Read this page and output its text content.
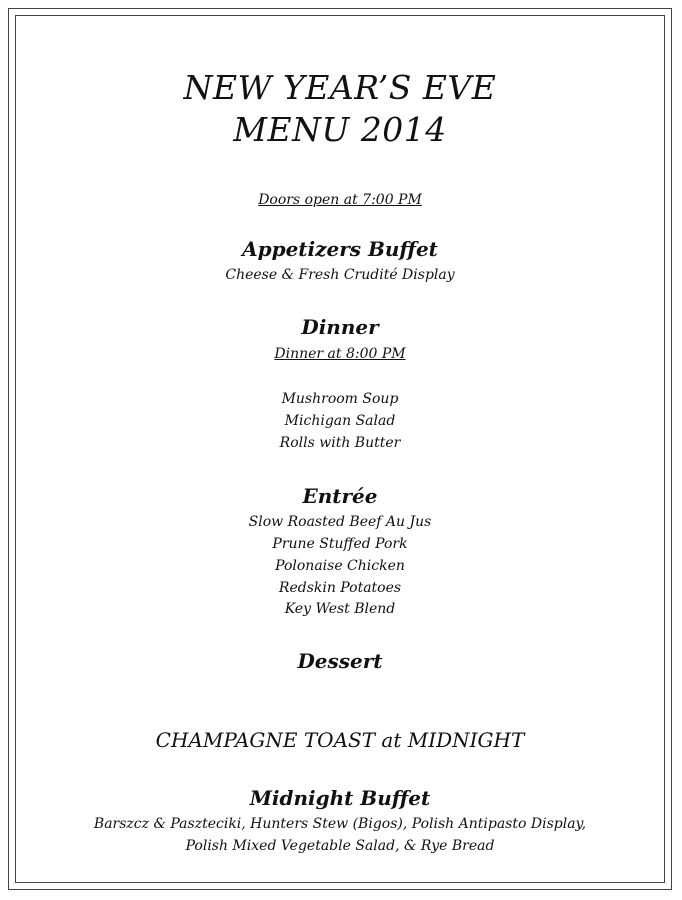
NEW YEAR’S EVE
MENU 2014
Doors open at 7:00 PM
Appetizers Buffet
Cheese & Fresh Crudité Display
Dinner
Dinner at 8:00 PM
Mushroom Soup
Michigan Salad
Rolls with Butter
Entrée
Slow Roasted Beef Au Jus
Prune Stuffed Pork
Polonaise Chicken
Redskin Potatoes
Key West Blend
Dessert
CHAMPAGNE TOAST at MIDNIGHT
Midnight Buffet
Barszcz & Paszteciki, Hunters Stew (Bigos), Polish Antipasto Display,
Polish Mixed Vegetable Salad, & Rye Bread
